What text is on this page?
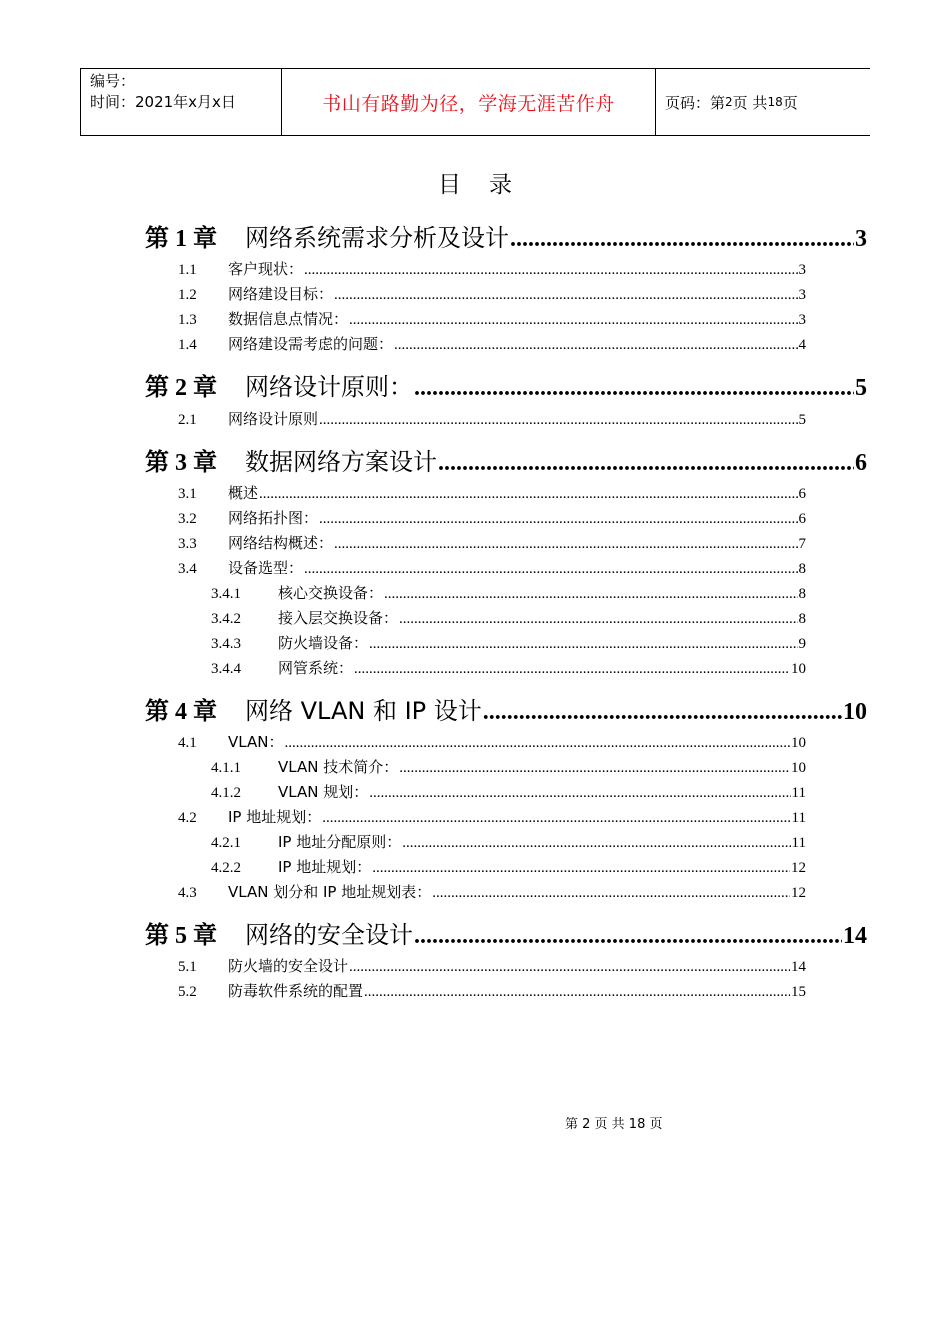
编号：
时间：2021年x月x日	书山有路勤为径，学海无涯苦作舟	页码：第 2 页 共 18 页
目录
第 1 章 网络系统需求分析及设计 .....	3
1.1	客户现状： .....	3
1.2	网络建设目标： .....	3
1.3	数据信息点情况： .....	3
1.4	网络建设需考虑的问题： .....	4
第 2 章 网络设计原则： .....	5
2.1	网络设计原则 .....	5
第 3 章 数据网络方案设计 .....	6
3.1	概述 .....	6
3.2	网络拓扑图： .....	6
3.3	网络结构概述： .....	7
3.4	设备选型： .....	8
3.4.1	核心交换设备： .....	8
3.4.2	接入层交换设备： .....	8
3.4.3	防火墙设备： .....	9
3.4.4	网管系统： .....	10
第 4 章 网络 VLAN 和 IP 设计 .....	10
4.1	VLAN： .....	10
4.1.1	VLAN 技术简介： .....	10
4.1.2	VLAN 规划： .....	11
4.2	IP 地址规划： .....	11
4.2.1	IP 地址分配原则： .....	11
4.2.2	IP 地址规划： .....	12
4.3	VLAN 划分和 IP 地址规划表： .....	12
第 5 章 网络的安全设计 .....	14
5.1	防火墙的安全设计 .....	14
5.2	防毒软件系统的配置 .....	15
第 2 页 共 18 页
